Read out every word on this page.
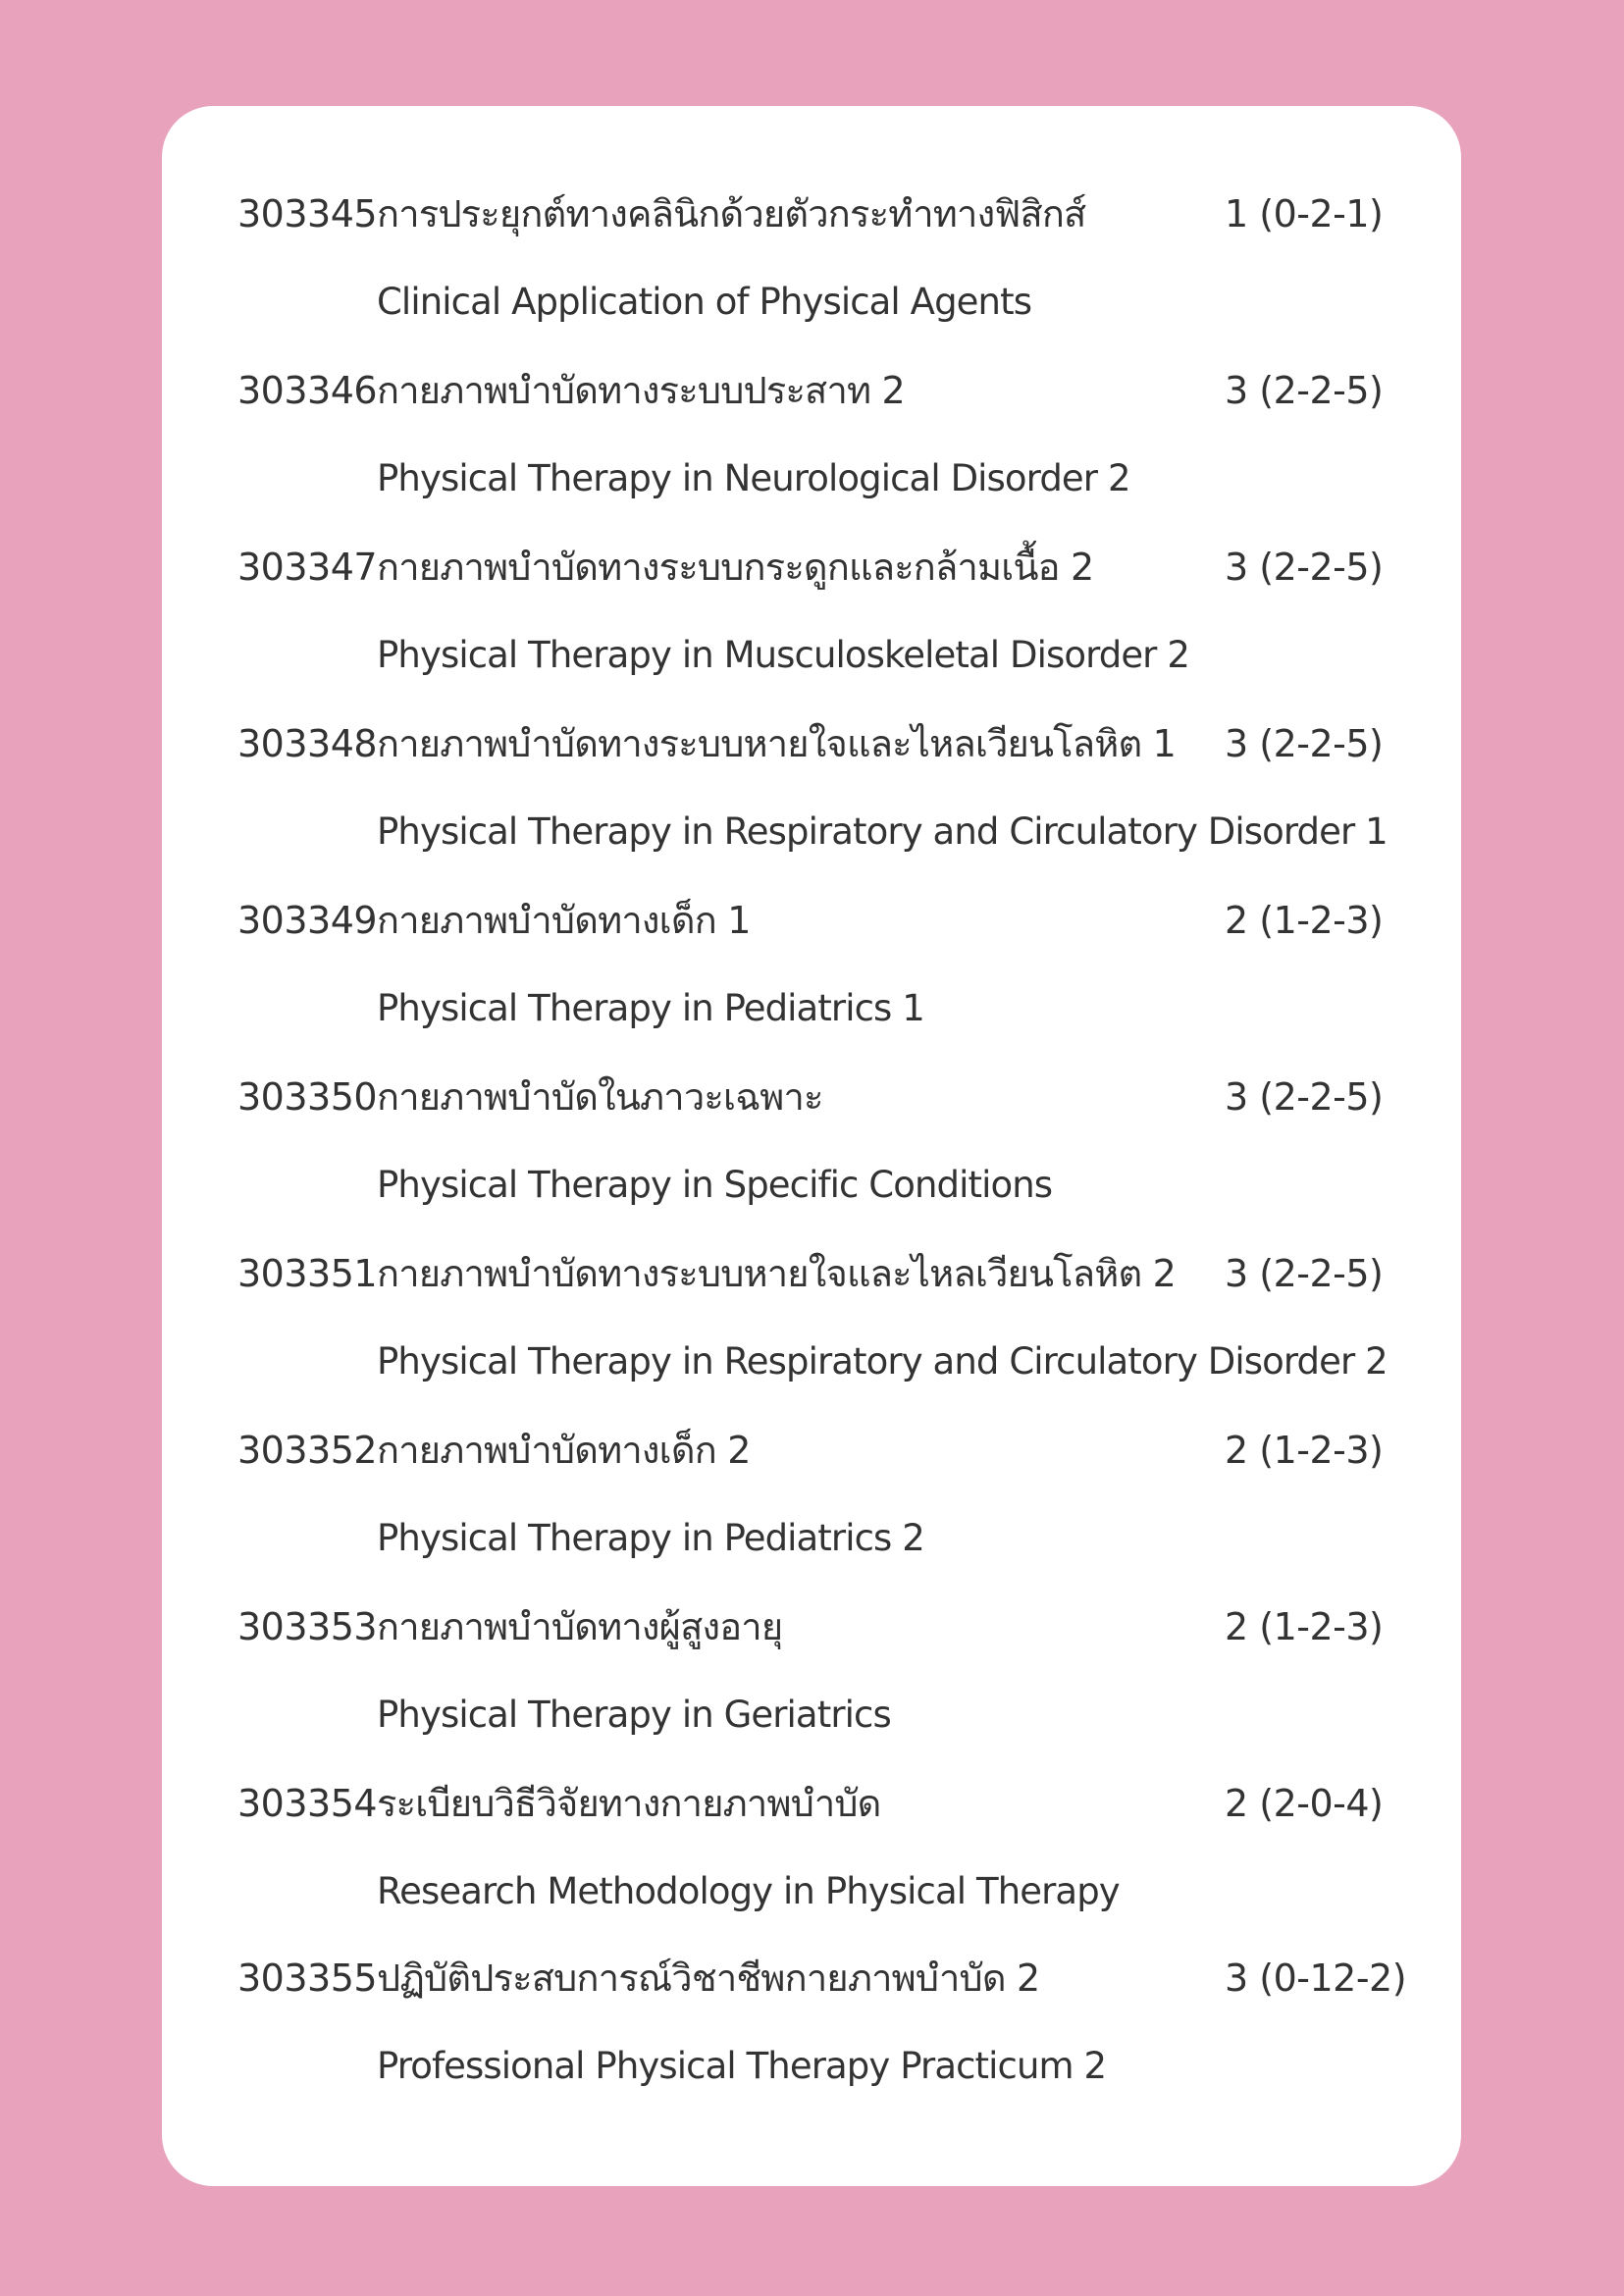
303345 การประยุกต์ทางคลินิกด้วยตัวกระทำทางฟิสิกส์	1 (0-2-1)
Clinical Application of Physical Agents
303346 กายภาพบำบัดทางระบบประสาท 2	3 (2-2-5)
Physical Therapy in Neurological Disorder 2
303347 กายภาพบำบัดทางระบบกระดูกและกล้ามเนื้อ 2	3 (2-2-5)
Physical Therapy in Musculoskeletal Disorder 2
303348 กายภาพบำบัดทางระบบหายใจและไหลเวียนโลหิต 1 3 (2-2-5)
Physical Therapy in Respiratory and Circulatory Disorder 1
303349 กายภาพบำบัดทางเด็ก 1	2 (1-2-3)
Physical Therapy in Pediatrics 1
303350 กายภาพบำบัดในภาวะเฉพาะ	3 (2-2-5)
Physical Therapy in Specific Conditions
303351 กายภาพบำบัดทางระบบหายใจและไหลเวียนโลหิต 2 3 (2-2-5)
Physical Therapy in Respiratory and Circulatory Disorder 2
303352 กายภาพบำบัดทางเด็ก 2	2 (1-2-3)
Physical Therapy in Pediatrics 2
303353 กายภาพบำบัดทางผู้สูงอายุ	2 (1-2-3)
Physical Therapy in Geriatrics
303354 ระเบียบวิธีวิจัยทางกายภาพบำบัด	2 (2-0-4)
Research Methodology in Physical Therapy
303355 ปฏิบัติประสบการณ์วิชาชีพกายภาพบำบัด 2	3 (0-12-2)
Professional Physical Therapy Practicum 2
